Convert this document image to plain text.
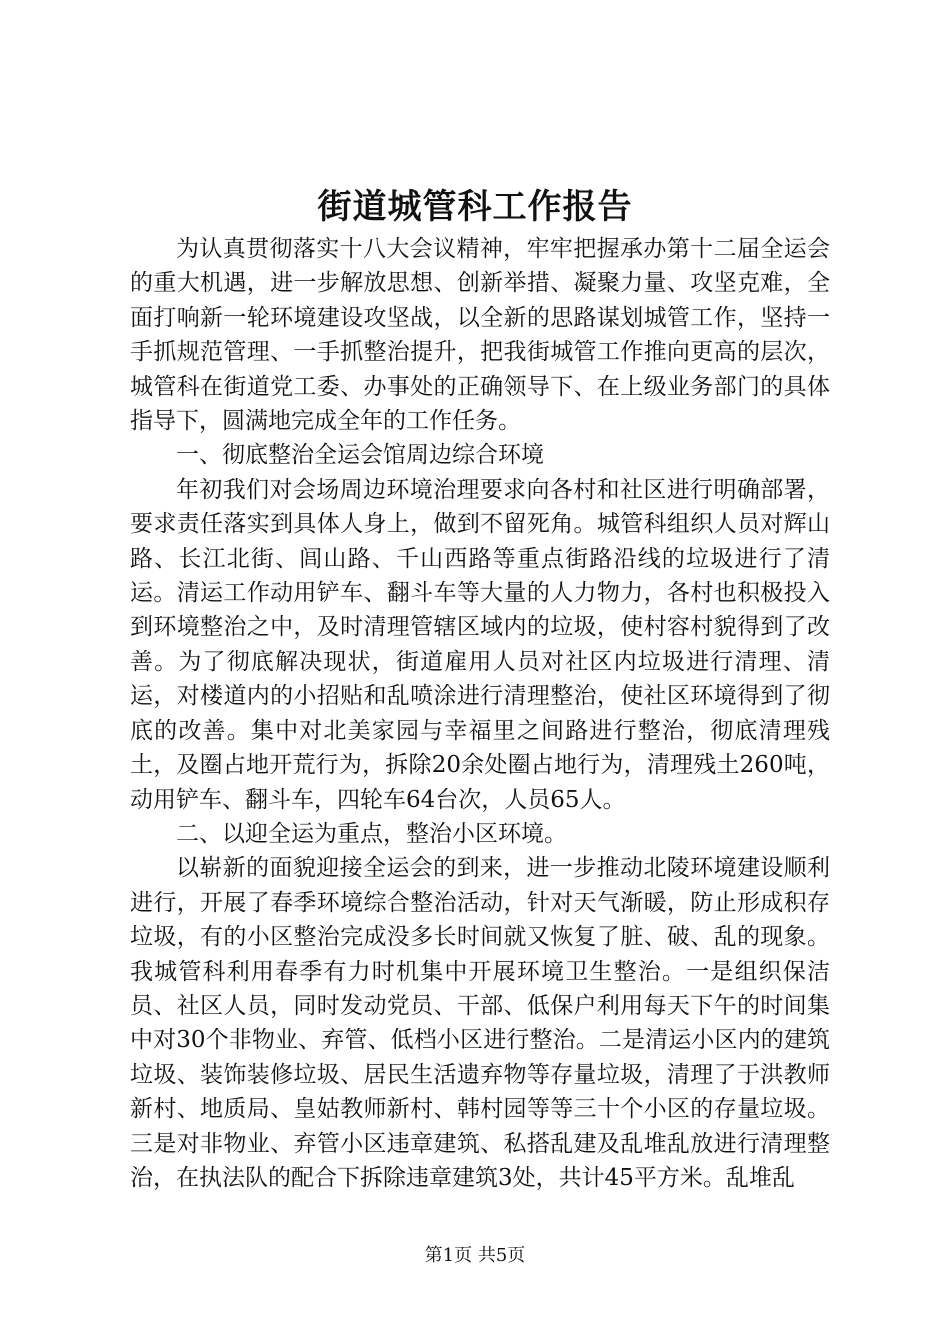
街道城管科工作报告

为认真贯彻落实十八大会议精神，牢牢把握承办第十二届全运会的重大机遇，进一步解放思想、创新举措、凝聚力量、攻坚克难，全面打响新一轮环境建设攻坚战，以全新的思路谋划城管工作，坚持一手抓规范管理、一手抓整治提升，把我街城管工作推向更高的层次，城管科在街道党工委、办事处的正确领导下、在上级业务部门的具体指导下，圆满地完成全年的工作任务。

一、彻底整治全运会馆周边综合环境

年初我们对会场周边环境治理要求向各村和社区进行明确部署，要求责任落实到具体人身上，做到不留死角。城管科组织人员对辉山路、长江北街、闾山路、千山西路等重点街路沿线的垃圾进行了清运。清运工作动用铲车、翻斗车等大量的人力物力，各村也积极投入到环境整治之中，及时清理管辖区域内的垃圾，使村容村貌得到了改善。为了彻底解决现状，街道雇用人员对社区内垃圾进行清理、清运，对楼道内的小招贴和乱喷涂进行清理整治，使社区环境得到了彻底的改善。集中对北美家园与幸福里之间路进行整治，彻底清理残土，及圈占地开荒行为，拆除20余处圈占地行为，清理残土260吨，动用铲车、翻斗车，四轮车64台次，人员65人。

二、以迎全运为重点，整治小区环境。

以崭新的面貌迎接全运会的到来，进一步推动北陵环境建设顺利进行，开展了春季环境综合整治活动，针对天气渐暖，防止形成积存垃圾，有的小区整治完成没多长时间就又恢复了脏、破、乱的现象。我城管科利用春季有力时机集中开展环境卫生整治。一是组织保洁员、社区人员，同时发动党员、干部、低保户利用每天下午的时间集中对30个非物业、弃管、低档小区进行整治。二是清运小区内的建筑垃圾、装饰装修垃圾、居民生活遗弃物等存量垃圾，清理了于洪教师新村、地质局、皇姑教师新村、韩村园等等三十个小区的存量垃圾。三是对非物业、弃管小区违章建筑、私搭乱建及乱堆乱放进行清理整治，在执法队的配合下拆除违章建筑3处，共计45平方米。乱堆乱

第1页 共5页
